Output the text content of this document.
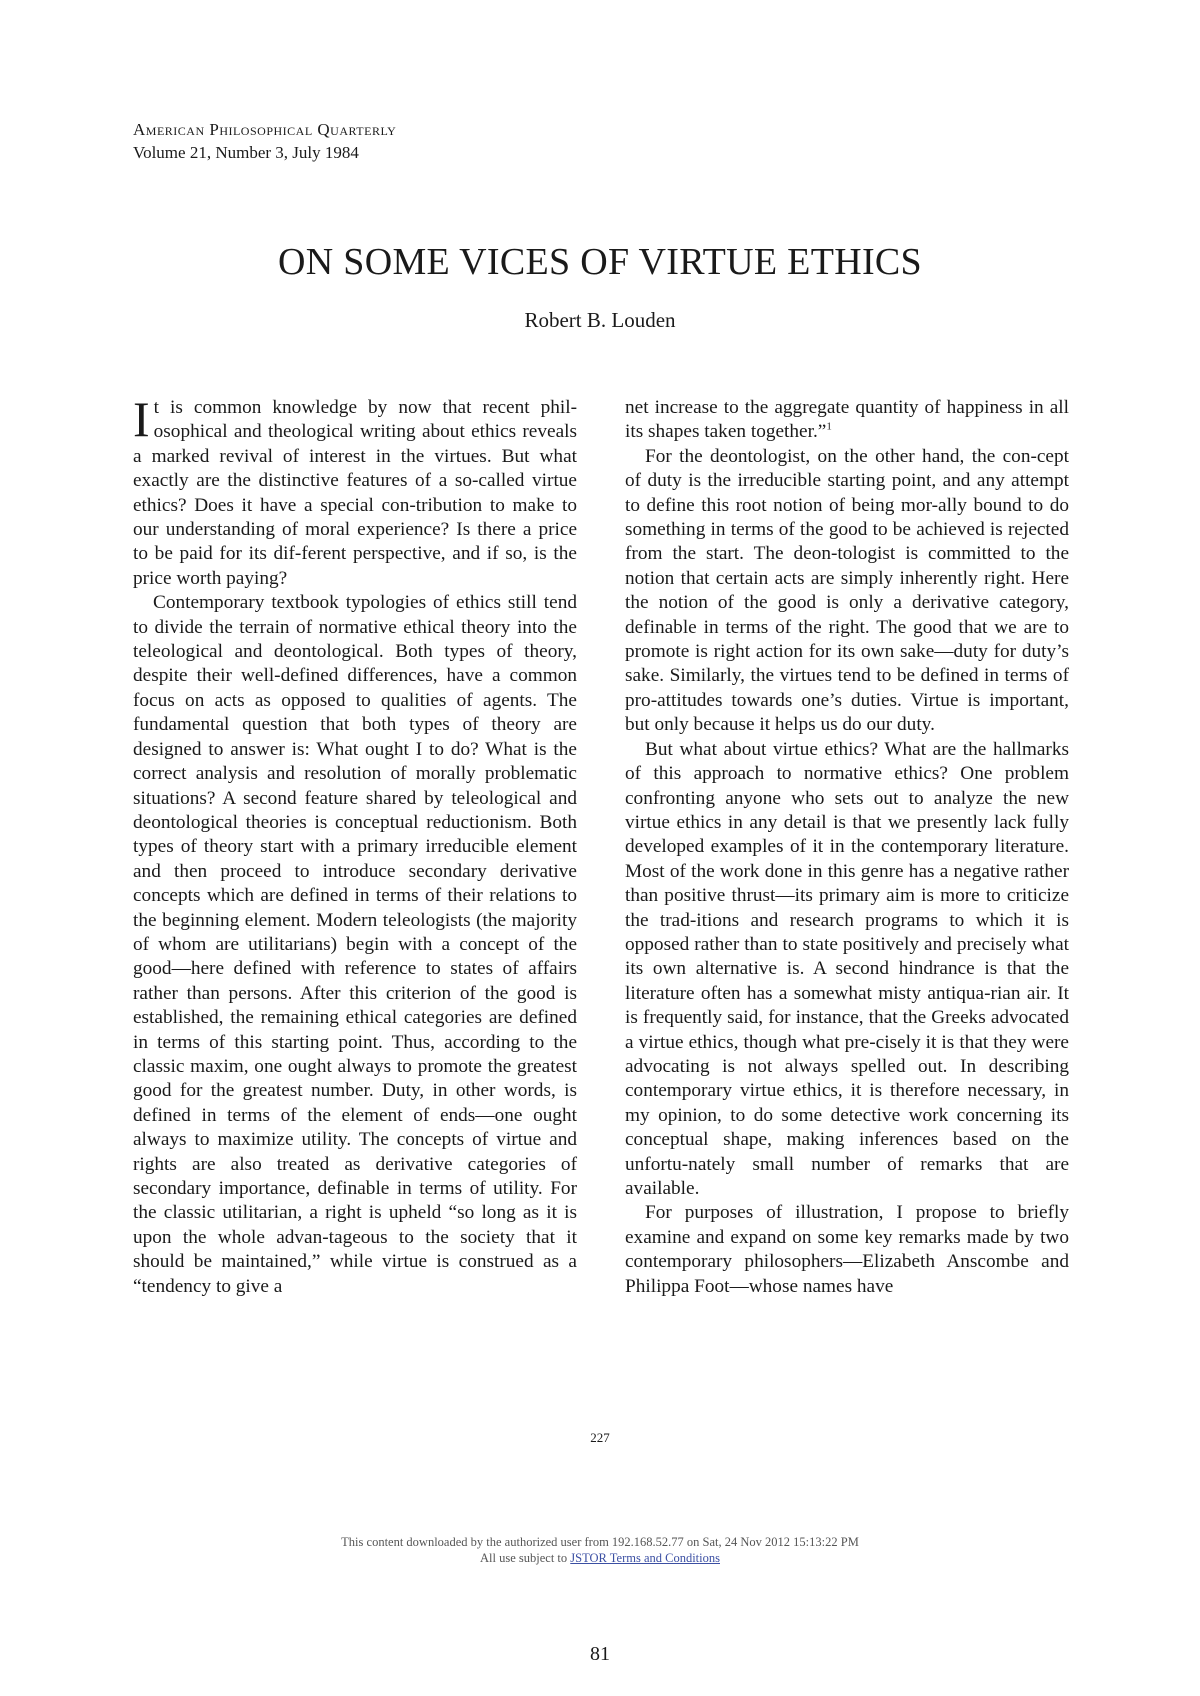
American Philosophical Quarterly
Volume 21, Number 3, July 1984
ON SOME VICES OF VIRTUE ETHICS
Robert B. Louden

It is common knowledge by now that recent phil-osophical and theological writing about ethics reveals a marked revival of interest in the virtues. But what exactly are the distinctive features of a so-called virtue ethics? Does it have a special con-tribution to make to our understanding of moral experience? Is there a price to be paid for its dif-ferent perspective, and if so, is the price worth paying?

Contemporary textbook typologies of ethics still tend to divide the terrain of normative ethical theory into the teleological and deontological. Both types of theory, despite their well-defined differences, have a common focus on acts as opposed to qualities of agents. The fundamental question that both types of theory are designed to answer is: What ought I to do? What is the correct analysis and resolution of morally problematic situations? A second feature shared by teleological and deontological theories is conceptual reductionism. Both types of theory start with a primary irreducible element and then proceed to introduce secondary derivative concepts which are defined in terms of their relations to the beginning element. Modern teleologists (the majority of whom are utilitarians) begin with a concept of the good—here defined with reference to states of affairs rather than persons. After this criterion of the good is established, the remaining ethical categories are defined in terms of this starting point. Thus, according to the classic maxim, one ought always to promote the greatest good for the greatest number. Duty, in other words, is defined in terms of the element of ends—one ought always to maximize utility. The concepts of virtue and rights are also treated as derivative categories of secondary importance, definable in terms of utility. For the classic utilitarian, a right is upheld “so long as it is upon the whole advan-tageous to the society that it should be maintained,” while virtue is construed as a “tendency to give a

net increase to the aggregate quantity of happiness in all its shapes taken together.”$^1$

For the deontologist, on the other hand, the con-cept of duty is the irreducible starting point, and any attempt to define this root notion of being mor-ally bound to do something in terms of the good to be achieved is rejected from the start. The deon-tologist is committed to the notion that certain acts are simply inherently right. Here the notion of the good is only a derivative category, definable in terms of the right. The good that we are to promote is right action for its own sake—duty for duty’s sake. Similarly, the virtues tend to be defined in terms of pro-attitudes towards one’s duties. Virtue is important, but only because it helps us do our duty.

But what about virtue ethics? What are the hallmarks of this approach to normative ethics? One problem confronting anyone who sets out to analyze the new virtue ethics in any detail is that we presently lack fully developed examples of it in the contemporary literature. Most of the work done in this genre has a negative rather than positive thrust—its primary aim is more to criticize the trad-itions and research programs to which it is opposed rather than to state positively and precisely what its own alternative is. A second hindrance is that the literature often has a somewhat misty antiqua-rian air. It is frequently said, for instance, that the Greeks advocated a virtue ethics, though what pre-cisely it is that they were advocating is not always spelled out. In describing contemporary virtue ethics, it is therefore necessary, in my opinion, to do some detective work concerning its conceptual shape, making inferences based on the unfortu-nately small number of remarks that are available.

For purposes of illustration, I propose to briefly examine and expand on some key remarks made by two contemporary philosophers—Elizabeth Anscombe and Philippa Foot—whose names have

227
This content downloaded by the authorized user from 192.168.52.77 on Sat, 24 Nov 2012 15:13:22 PM
All use subject to JSTOR Terms and Conditions
81
